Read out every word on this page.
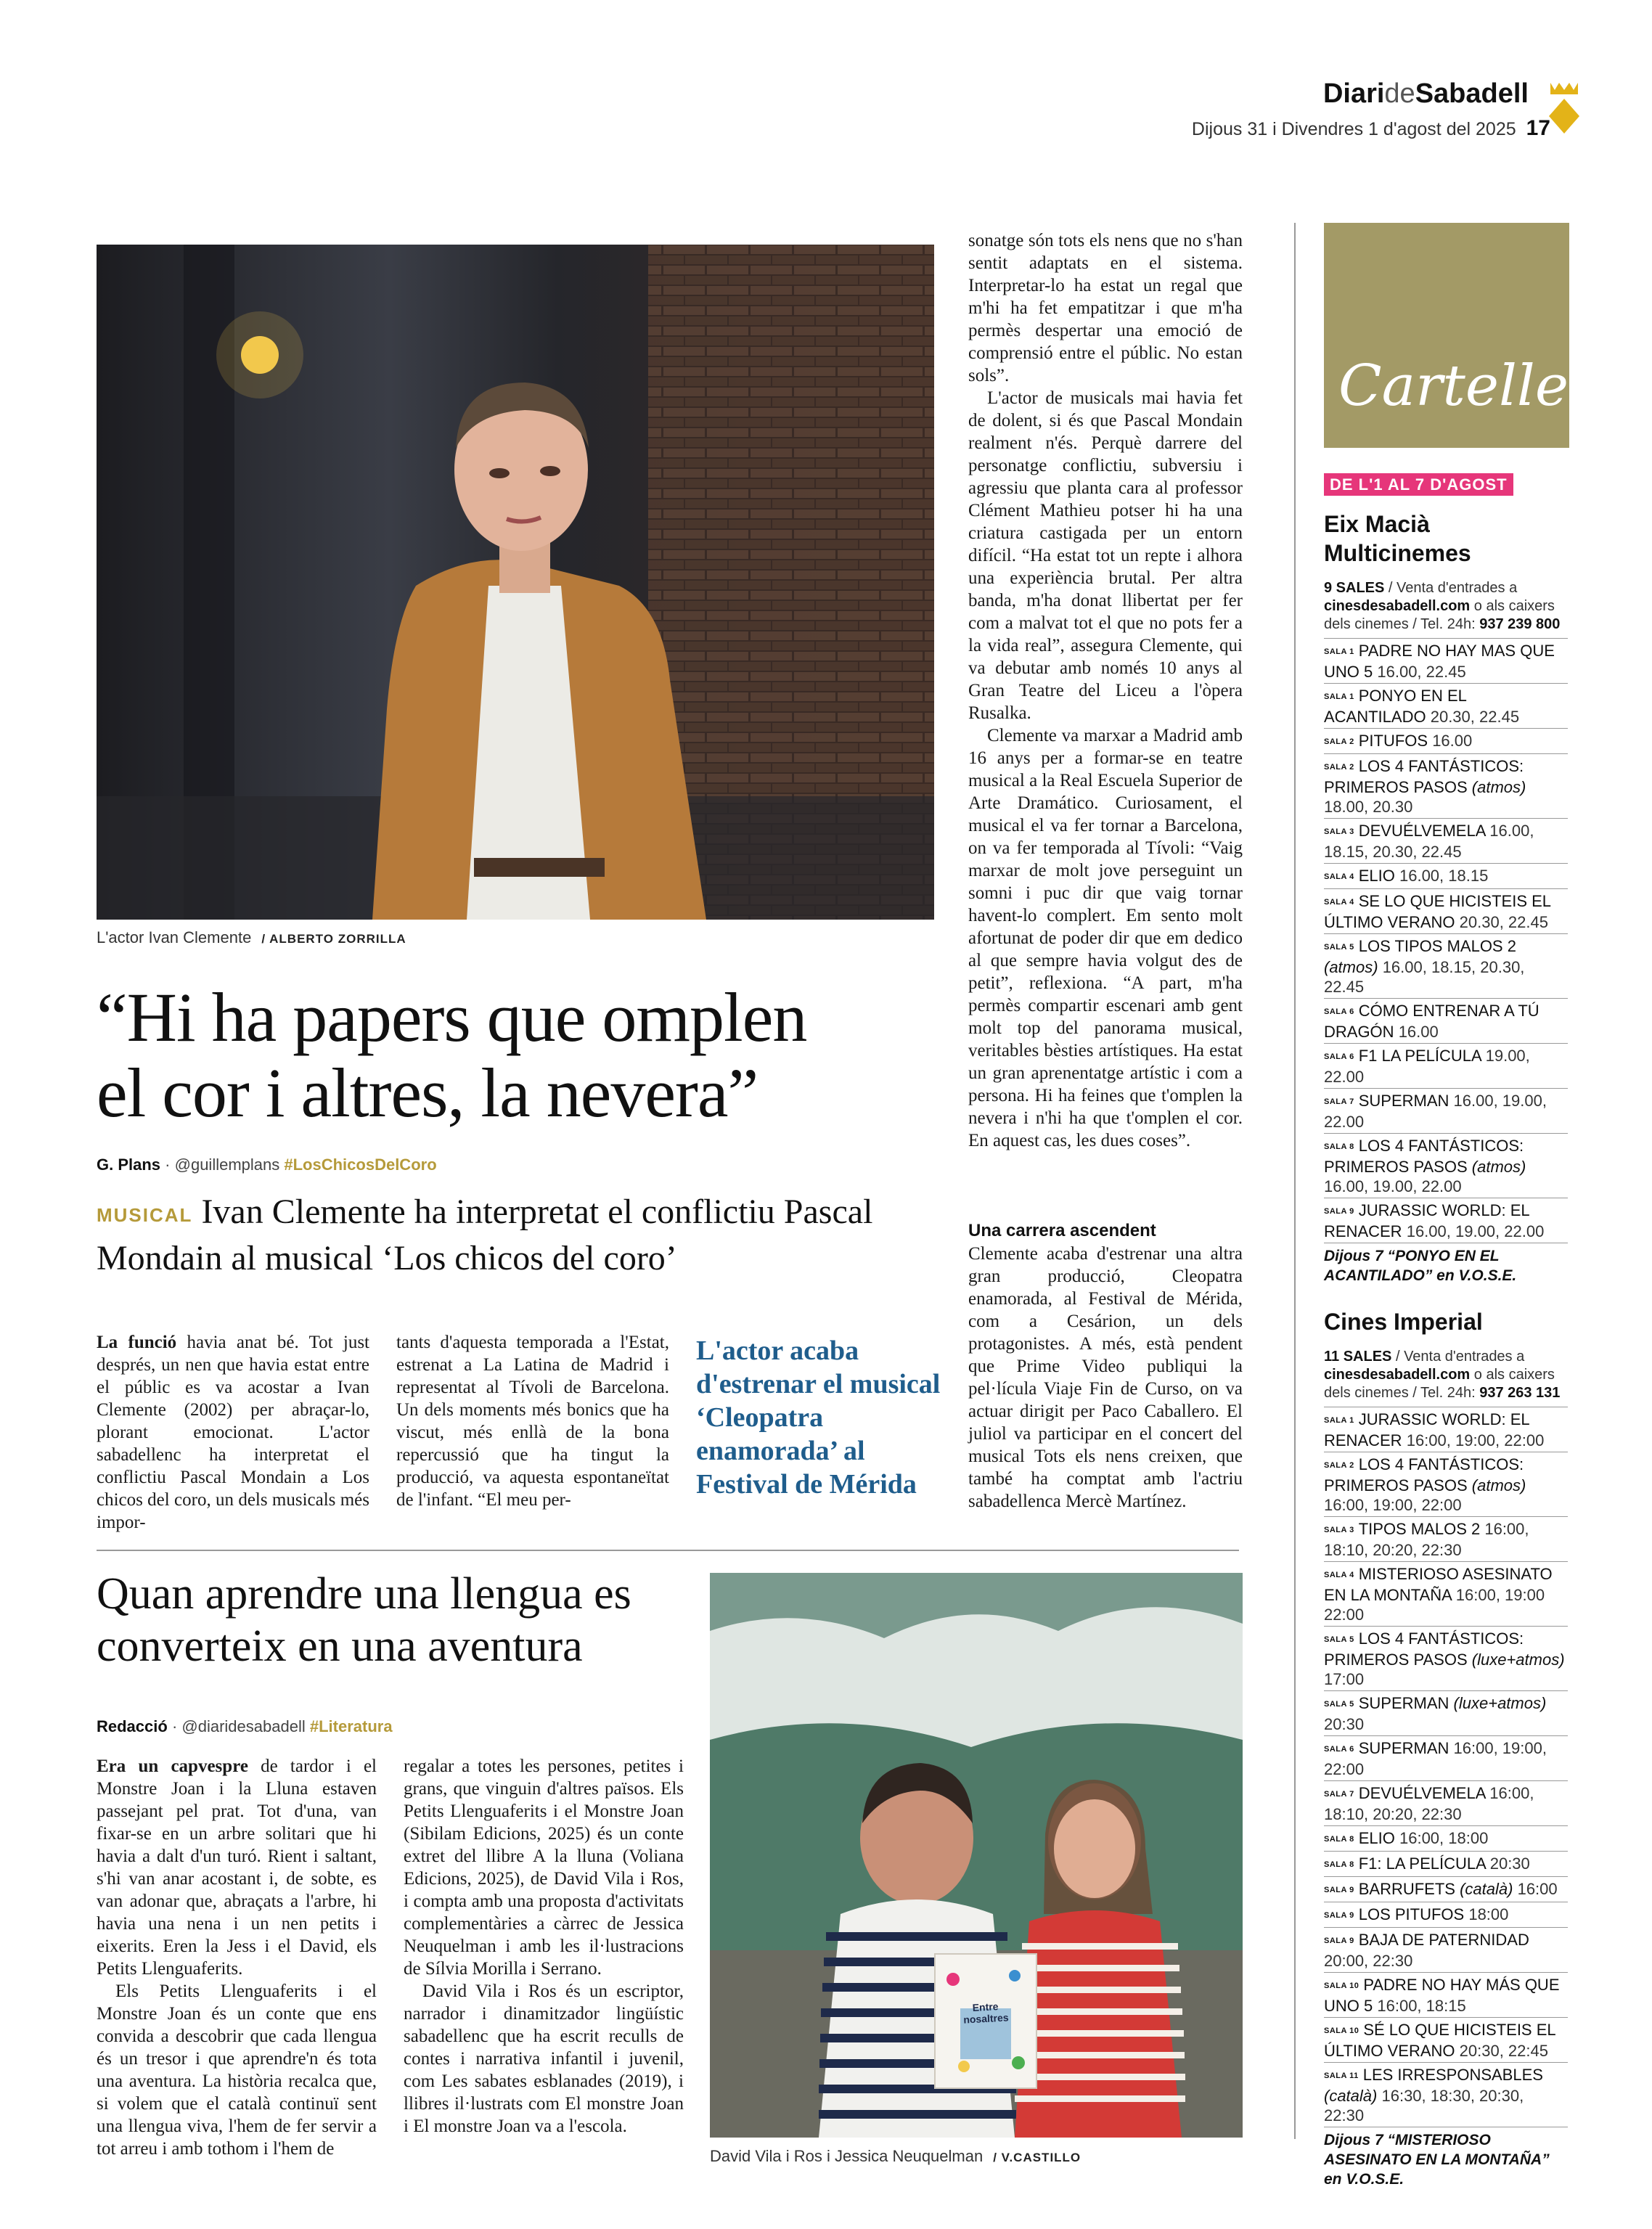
DiarideSabadell
Dijous 31 i Divendres 1 d'agost del 2025 17
L'actor Ivan Clemente / ALBERTO ZORRILLA
“Hi ha papers que omplen
el cor i altres, la nevera”
G. Plans · @guillemplans #LosChicosDelCoro
MUSICAL Ivan Clemente ha interpretat el conflictiu Pascal Mondain al musical ‘Los chicos del coro’

La funció havia anat bé. Tot just després, un nen que havia estat entre el públic es va acostar a Ivan Clemente (2002) per abraçar-lo, plorant emocionat. L'actor sabadellenc ha interpretat el conflictiu Pascal Mondain a Los chicos del coro, un dels musicals més impor-

tants d'aquesta temporada a l'Estat, estrenat a La Latina de Madrid i representat al Tívoli de Barcelona. Un dels moments més bonics que ha viscut, més enllà de la bona repercussió que ha tingut la producció, va aquesta espontaneïtat de l'infant. “El meu per-

L'actor acaba d'estrenar el musical ‘Cleopatra enamorada’ al Festival de Mérida

sonatge són tots els nens que no s'han sentit adaptats en el sistema. Interpretar-lo ha estat un regal que m'hi ha fet empatitzar i que m'ha permès despertar una emoció de comprensió entre el públic. No estan sols”.

L'actor de musicals mai havia fet de dolent, si és que Pascal Mondain realment n'és. Perquè darrere del personatge conflictiu, subversiu i agressiu que planta cara al professor Clément Mathieu potser hi ha una criatura castigada per un entorn difícil. “Ha estat tot un repte i alhora una experiència brutal. Per altra banda, m'ha donat llibertat per fer com a malvat tot el que no pots fer a la vida real”, assegura Clemente, qui va debutar amb només 10 anys al Gran Teatre del Liceu a l'òpera Rusalka.

Clemente va marxar a Madrid amb 16 anys per a formar-se en teatre musical a la Real Escuela Superior de Arte Dramático. Curiosament, el musical el va fer tornar a Barcelona, on va fer temporada al Tívoli: “Vaig marxar de molt jove perseguint un somni i puc dir que vaig tornar havent-lo complert. Em sento molt afortunat de poder dir que em dedico al que sempre havia volgut des de petit”, reflexiona. “A part, m'ha permès compartir escenari amb gent molt top del panorama musical, veritables bèsties artístiques. Ha estat un gran aprenentatge artístic i com a persona. Hi ha feines que t'omplen la nevera i n'hi ha que t'omplen el cor. En aquest cas, les dues coses”.

Una carrera ascendent

Clemente acaba d'estrenar una altra gran producció, Cleopatra enamorada, al Festival de Mérida, com a Cesárion, un dels protagonistes. A més, està pendent que Prime Video publiqui la pel·lícula Viaje Fin de Curso, on va actuar dirigit per Paco Caballero. El juliol va participar en el concert del musical Tots els nens creixen, que també ha comptat amb l'actriu sabadellenca Mercè Martínez.

Quan aprendre una llengua es
converteix en una aventura
Redacció · @diaridesabadell #Literatura

Era un capvespre de tardor i el Monstre Joan i la Lluna estaven passejant pel prat. Tot d'una, van fixar-se en un arbre solitari que hi havia a dalt d'un turó. Rient i saltant, s'hi van anar acostant i, de sobte, es van adonar que, abraçats a l'arbre, hi havia una nena i un nen petits i eixerits. Eren la Jess i el David, els Petits Llenguaferits.

Els Petits Llenguaferits i el Monstre Joan és un conte que ens convida a descobrir que cada llengua és un tresor i que aprendre'n és tota una aventura. La història recalca que, si volem que el català continuï sent una llengua viva, l'hem de fer servir a tot arreu i amb tothom i l'hem de

regalar a totes les persones, petites i grans, que vinguin d'altres països. Els Petits Llenguaferits i el Monstre Joan (Sibilam Edicions, 2025) és un conte extret del llibre A la lluna (Voliana Edicions, 2025), de David Vila i Ros, i compta amb una proposta d'activitats complementàries a càrrec de Jessica Neuquelman i amb les il·lustracions de Sílvia Morilla i Serrano.

David Vila i Ros és un escriptor, narrador i dinamitzador lingüístic sabadellenc que ha escrit reculls de contes i narrativa infantil i juvenil, com Les sabates esblanades (2019), i llibres il·lustrats com El monstre Joan i El monstre Joan va a l'escola.

Entre nosaltres
David Vila i Ros i Jessica Neuquelman / V.CASTILLO
Cartellera
DE L'1 AL 7 D'AGOST
Eix Macià
Multicinemes
9 SALES / Venta d'entrades a cinesdesabadell.com o als caixers dels cinemes / Tel. 24h: 937 239 800
SALA 1 PADRE NO HAY MAS QUE UNO 5 16.00, 22.45
SALA 1 PONYO EN EL ACANTILADO 20.30, 22.45
SALA 2 PITUFOS 16.00
SALA 2 LOS 4 FANTÁSTICOS: PRIMEROS PASOS (atmos) 18.00, 20.30
SALA 3 DEVUÉLVEMELA 16.00, 18.15, 20.30, 22.45
SALA 4 ELIO 16.00, 18.15
SALA 4 SE LO QUE HICISTEIS EL ÚLTIMO VERANO 20.30, 22.45
SALA 5 LOS TIPOS MALOS 2 (atmos) 16.00, 18.15, 20.30, 22.45
SALA 6 CÓMO ENTRENAR A TÚ DRAGÓN 16.00
SALA 6 F1 LA PELÍCULA 19.00, 22.00
SALA 7 SUPERMAN 16.00, 19.00, 22.00
SALA 8 LOS 4 FANTÁSTICOS: PRIMEROS PASOS (atmos) 16.00, 19.00, 22.00
SALA 9 JURASSIC WORLD: EL RENACER 16.00, 19.00, 22.00
Dijous 7 “PONYO EN EL ACANTILADO” en V.O.S.E.
Cines Imperial
11 SALES / Venta d'entrades a cinesdesabadell.com o als caixers dels cinemes / Tel. 24h: 937 263 131
SALA 1 JURASSIC WORLD: EL RENACER 16:00, 19:00, 22:00
SALA 2 LOS 4 FANTÁSTICOS: PRIMEROS PASOS (atmos) 16:00, 19:00, 22:00
SALA 3 TIPOS MALOS 2 16:00, 18:10, 20:20, 22:30
SALA 4 MISTERIOSO ASESINATO EN LA MONTAÑA 16:00, 19:00 22:00
SALA 5 LOS 4 FANTÁSTICOS: PRIMEROS PASOS (luxe+atmos) 17:00
SALA 5 SUPERMAN (luxe+atmos) 20:30
SALA 6 SUPERMAN 16:00, 19:00, 22:00
SALA 7 DEVUÉLVEMELA 16:00, 18:10, 20:20, 22:30
SALA 8 ELIO 16:00, 18:00
SALA 8 F1: LA PELÍCULA 20:30
SALA 9 BARRUFETS (català) 16:00
SALA 9 LOS PITUFOS 18:00
SALA 9 BAJA DE PATERNIDAD 20:00, 22:30
SALA 10 PADRE NO HAY MÁS QUE UNO 5 16:00, 18:15
SALA 10 SÉ LO QUE HICISTEIS EL ÚLTIMO VERANO 20:30, 22:45
SALA 11 LES IRRESPONSABLES (català) 16:30, 18:30, 20:30, 22:30
Dijous 7 “MISTERIOSO ASESINATO EN LA MONTAÑA” en V.O.S.E.
